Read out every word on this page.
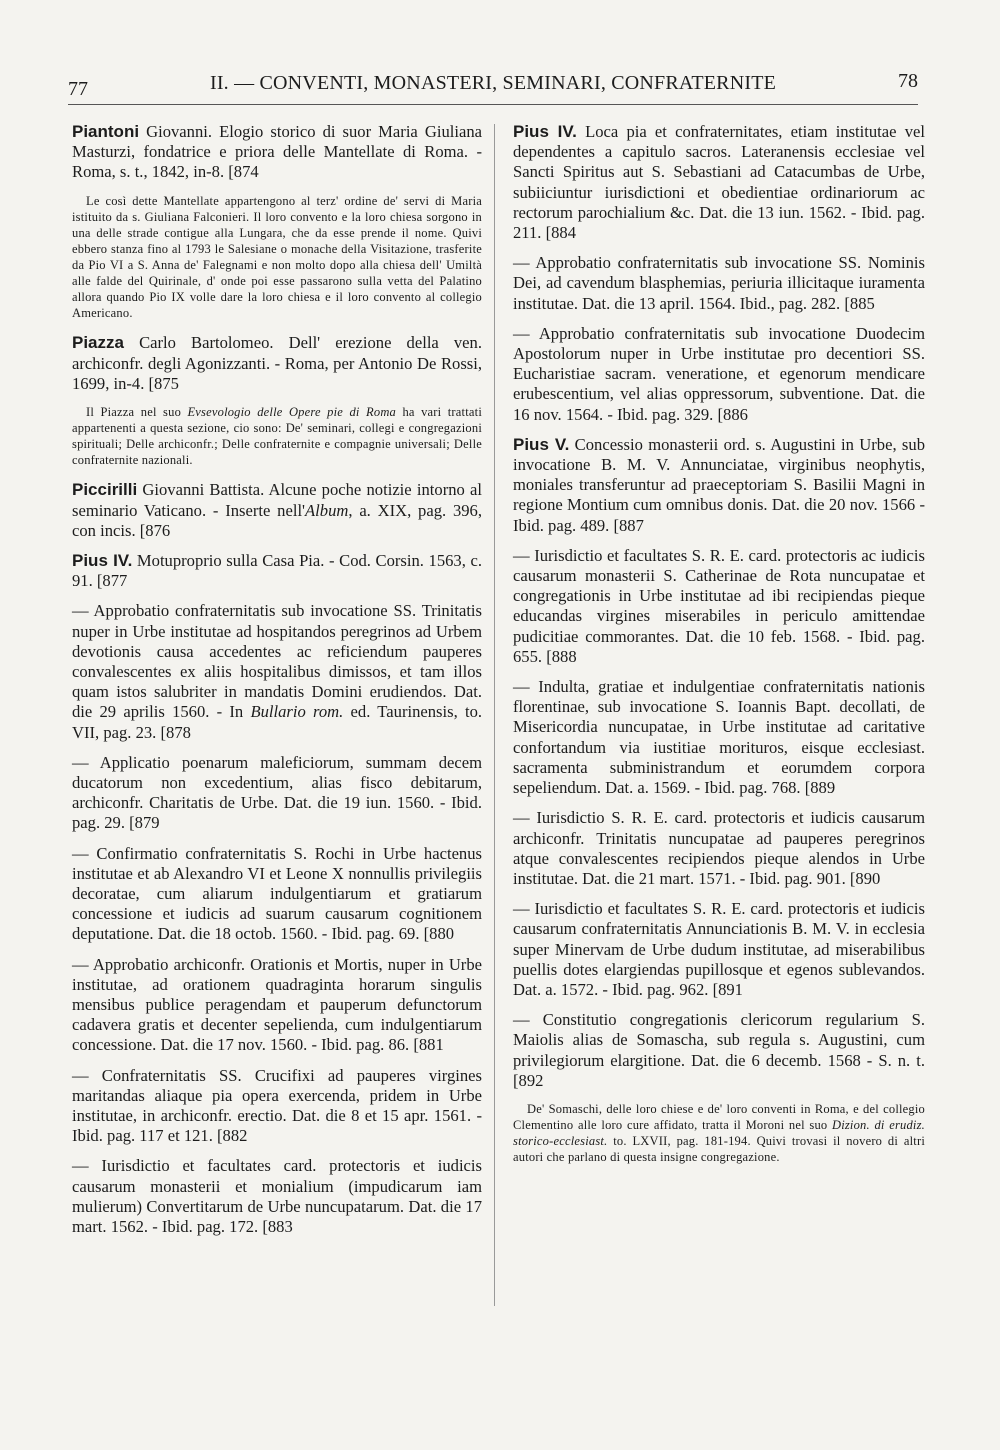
77	II. — CONVENTI, MONASTERI, SEMINARI, CONFRATERNITE	78

Piantoni Giovanni. Elogio storico di suor Maria Giuliana Masturzi, fondatrice e priora delle Mantellate di Roma. - Roma, s. t., 1842, in-8. [874

Le così dette Mantellate appartengono al terz' ordine de' servi di Maria istituito da s. Giuliana Falconieri. Il loro convento e la loro chiesa sorgono in una delle strade contigue alla Lungara, che da esse prende il nome. Quivi ebbero stanza fino al 1793 le Salesiane o monache della Visitazione, trasferite da Pio VI a S. Anna de' Falegnami e non molto dopo alla chiesa dell' Umiltà alle falde del Quirinale, d' onde poi esse passarono sulla vetta del Palatino allora quando Pio IX volle dare la loro chiesa e il loro convento al collegio Americano.

Piazza Carlo Bartolomeo. Dell' erezione della ven. archiconfr. degli Agonizzanti. - Roma, per Antonio De Rossi, 1699, in-4. [875

Il Piazza nel suo Evsevologio delle Opere pie di Roma ha vari trattati appartenenti a questa sezione, cio sono: De' seminari, collegi e congregazioni spirituali; Delle archiconfr.; Delle confraternite e compagnie universali; Delle confraternite nazionali.

Piccirilli Giovanni Battista. Alcune poche notizie intorno al seminario Vaticano. - Inserte nell'Album, a. XIX, pag. 396, con incis. [876

Pius IV. Motuproprio sulla Casa Pia. - Cod. Corsin. 1563, c. 91. [877

— Approbatio confraternitatis sub invocatione SS. Trinitatis nuper in Urbe institutae ad hospitandos peregrinos ad Urbem devotionis causa accedentes ac reficiendum pauperes convalescentes ex aliis hospitalibus dimissos, et tam illos quam istos salubriter in mandatis Domini erudiendos. Dat. die 29 aprilis 1560. - In Bullario rom. ed. Taurinensis, to. VII, pag. 23. [878

— Applicatio poenarum maleficiorum, summam decem ducatorum non excedentium, alias fisco debitarum, archiconfr. Charitatis de Urbe. Dat. die 19 iun. 1560. - Ibid. pag. 29. [879

— Confirmatio confraternitatis S. Rochi in Urbe hactenus institutae et ab Alexandro VI et Leone X nonnullis privilegiis decoratae, cum aliarum indulgentiarum et gratiarum concessione et iudicis ad suarum causarum cognitionem deputatione. Dat. die 18 octob. 1560. - Ibid. pag. 69. [880

— Approbatio archiconfr. Orationis et Mortis, nuper in Urbe institutae, ad orationem quadraginta horarum singulis mensibus publice peragendam et pauperum defunctorum cadavera gratis et decenter sepelienda, cum indulgentiarum concessione. Dat. die 17 nov. 1560. - Ibid. pag. 86. [881

— Confraternitatis SS. Crucifixi ad pauperes virgines maritandas aliaque pia opera exercenda, pridem in Urbe institutae, in archiconfr. erectio. Dat. die 8 et 15 apr. 1561. - Ibid. pag. 117 et 121. [882

— Iurisdictio et facultates card. protectoris et iudicis causarum monasterii et monialium (impudicarum iam mulierum) Convertitarum de Urbe nuncupatarum. Dat. die 17 mart. 1562. - Ibid. pag. 172. [883

Pius IV. Loca pia et confraternitates, etiam institutae vel dependentes a capitulo sacros. Lateranensis ecclesiae vel Sancti Spiritus aut S. Sebastiani ad Catacumbas de Urbe, subiiciuntur iurisdictioni et obedientiae ordinariorum ac rectorum parochialium &c. Dat. die 13 iun. 1562. - Ibid. pag. 211. [884

— Approbatio confraternitatis sub invocatione SS. Nominis Dei, ad cavendum blasphemias, periuria illicitaque iuramenta institutae. Dat. die 13 april. 1564. Ibid., pag. 282. [885

— Approbatio confraternitatis sub invocatione Duodecim Apostolorum nuper in Urbe institutae pro decentiori SS. Eucharistiae sacram. veneratione, et egenorum mendicare erubescentium, vel alias oppressorum, subventione. Dat. die 16 nov. 1564. - Ibid. pag. 329. [886

Pius V. Concessio monasterii ord. s. Augustini in Urbe, sub invocatione B. M. V. Annunciatae, virginibus neophytis, moniales transferuntur ad praeceptoriam S. Basilii Magni in regione Montium cum omnibus donis. Dat. die 20 nov. 1566 - Ibid. pag. 489. [887

— Iurisdictio et facultates S. R. E. card. protectoris ac iudicis causarum monasterii S. Catherinae de Rota nuncupatae et congregationis in Urbe institutae ad ibi recipiendas pieque educandas virgines miserabiles in periculo amittendae pudicitiae commorantes. Dat. die 10 feb. 1568. - Ibid. pag. 655. [888

— Indulta, gratiae et indulgentiae confraternitatis nationis florentinae, sub invocatione S. Ioannis Bapt. decollati, de Misericordia nuncupatae, in Urbe institutae ad caritative confortandum via iustitiae morituros, eisque ecclesiast. sacramenta subministrandum et eorumdem corpora sepeliendum. Dat. a. 1569. - Ibid. pag. 768. [889

— Iurisdictio S. R. E. card. protectoris et iudicis causarum archiconfr. Trinitatis nuncupatae ad pauperes peregrinos atque convalescentes recipiendos pieque alendos in Urbe institutae. Dat. die 21 mart. 1571. - Ibid. pag. 901. [890

— Iurisdictio et facultates S. R. E. card. protectoris et iudicis causarum confraternitatis Annunciationis B. M. V. in ecclesia super Minervam de Urbe dudum institutae, ad miserabilibus puellis dotes elargiendas pupillosque et egenos sublevandos. Dat. a. 1572. - Ibid. pag. 962. [891

— Constitutio congregationis clericorum regularium S. Maiolis alias de Somascha, sub regula s. Augustini, cum privilegiorum elargitione. Dat. die 6 decemb. 1568 - S. n. t. [892

De' Somaschi, delle loro chiese e de' loro conventi in Roma, e del collegio Clementino alle loro cure affidato, tratta il Moroni nel suo Dizion. di erudiz. storico-ecclesiast. to. LXVII, pag. 181-194. Quivi trovasi il novero di altri autori che parlano di questa insigne congregazione.
